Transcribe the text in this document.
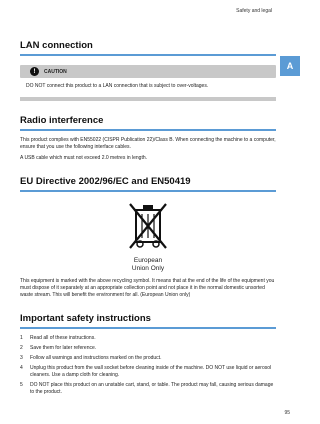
Safety and legal
A
LAN connection
!	CAUTION

DO NOT connect this product to a LAN connection that is subject to over-voltages.

Radio interference

This product complies with EN55022 (CISPR Publication 22)/Class B. When connecting the machine to a computer, ensure that you use the following interface cables.

A USB cable which must not exceed 2.0 metres in length.

EU Directive 2002/96/EC and EN50419
European
Union Only

This equipment is marked with the above recycling symbol. It means that at the end of the life of the equipment you must dispose of it separately at an appropriate collection point and not place it in the normal domestic unsorted waste stream. This will benefit the environment for all. (European Union only)

Important safety instructions
1	Read all of these instructions.
2	Save them for later reference.
3	Follow all warnings and instructions marked on the product.
4	Unplug this product from the wall socket before cleaning inside of the machine. DO NOT use liquid or aerosol cleaners. Use a damp cloth for cleaning.
5	DO NOT place this product on an unstable cart, stand, or table. The product may fall, causing serious damage to the product.
95
